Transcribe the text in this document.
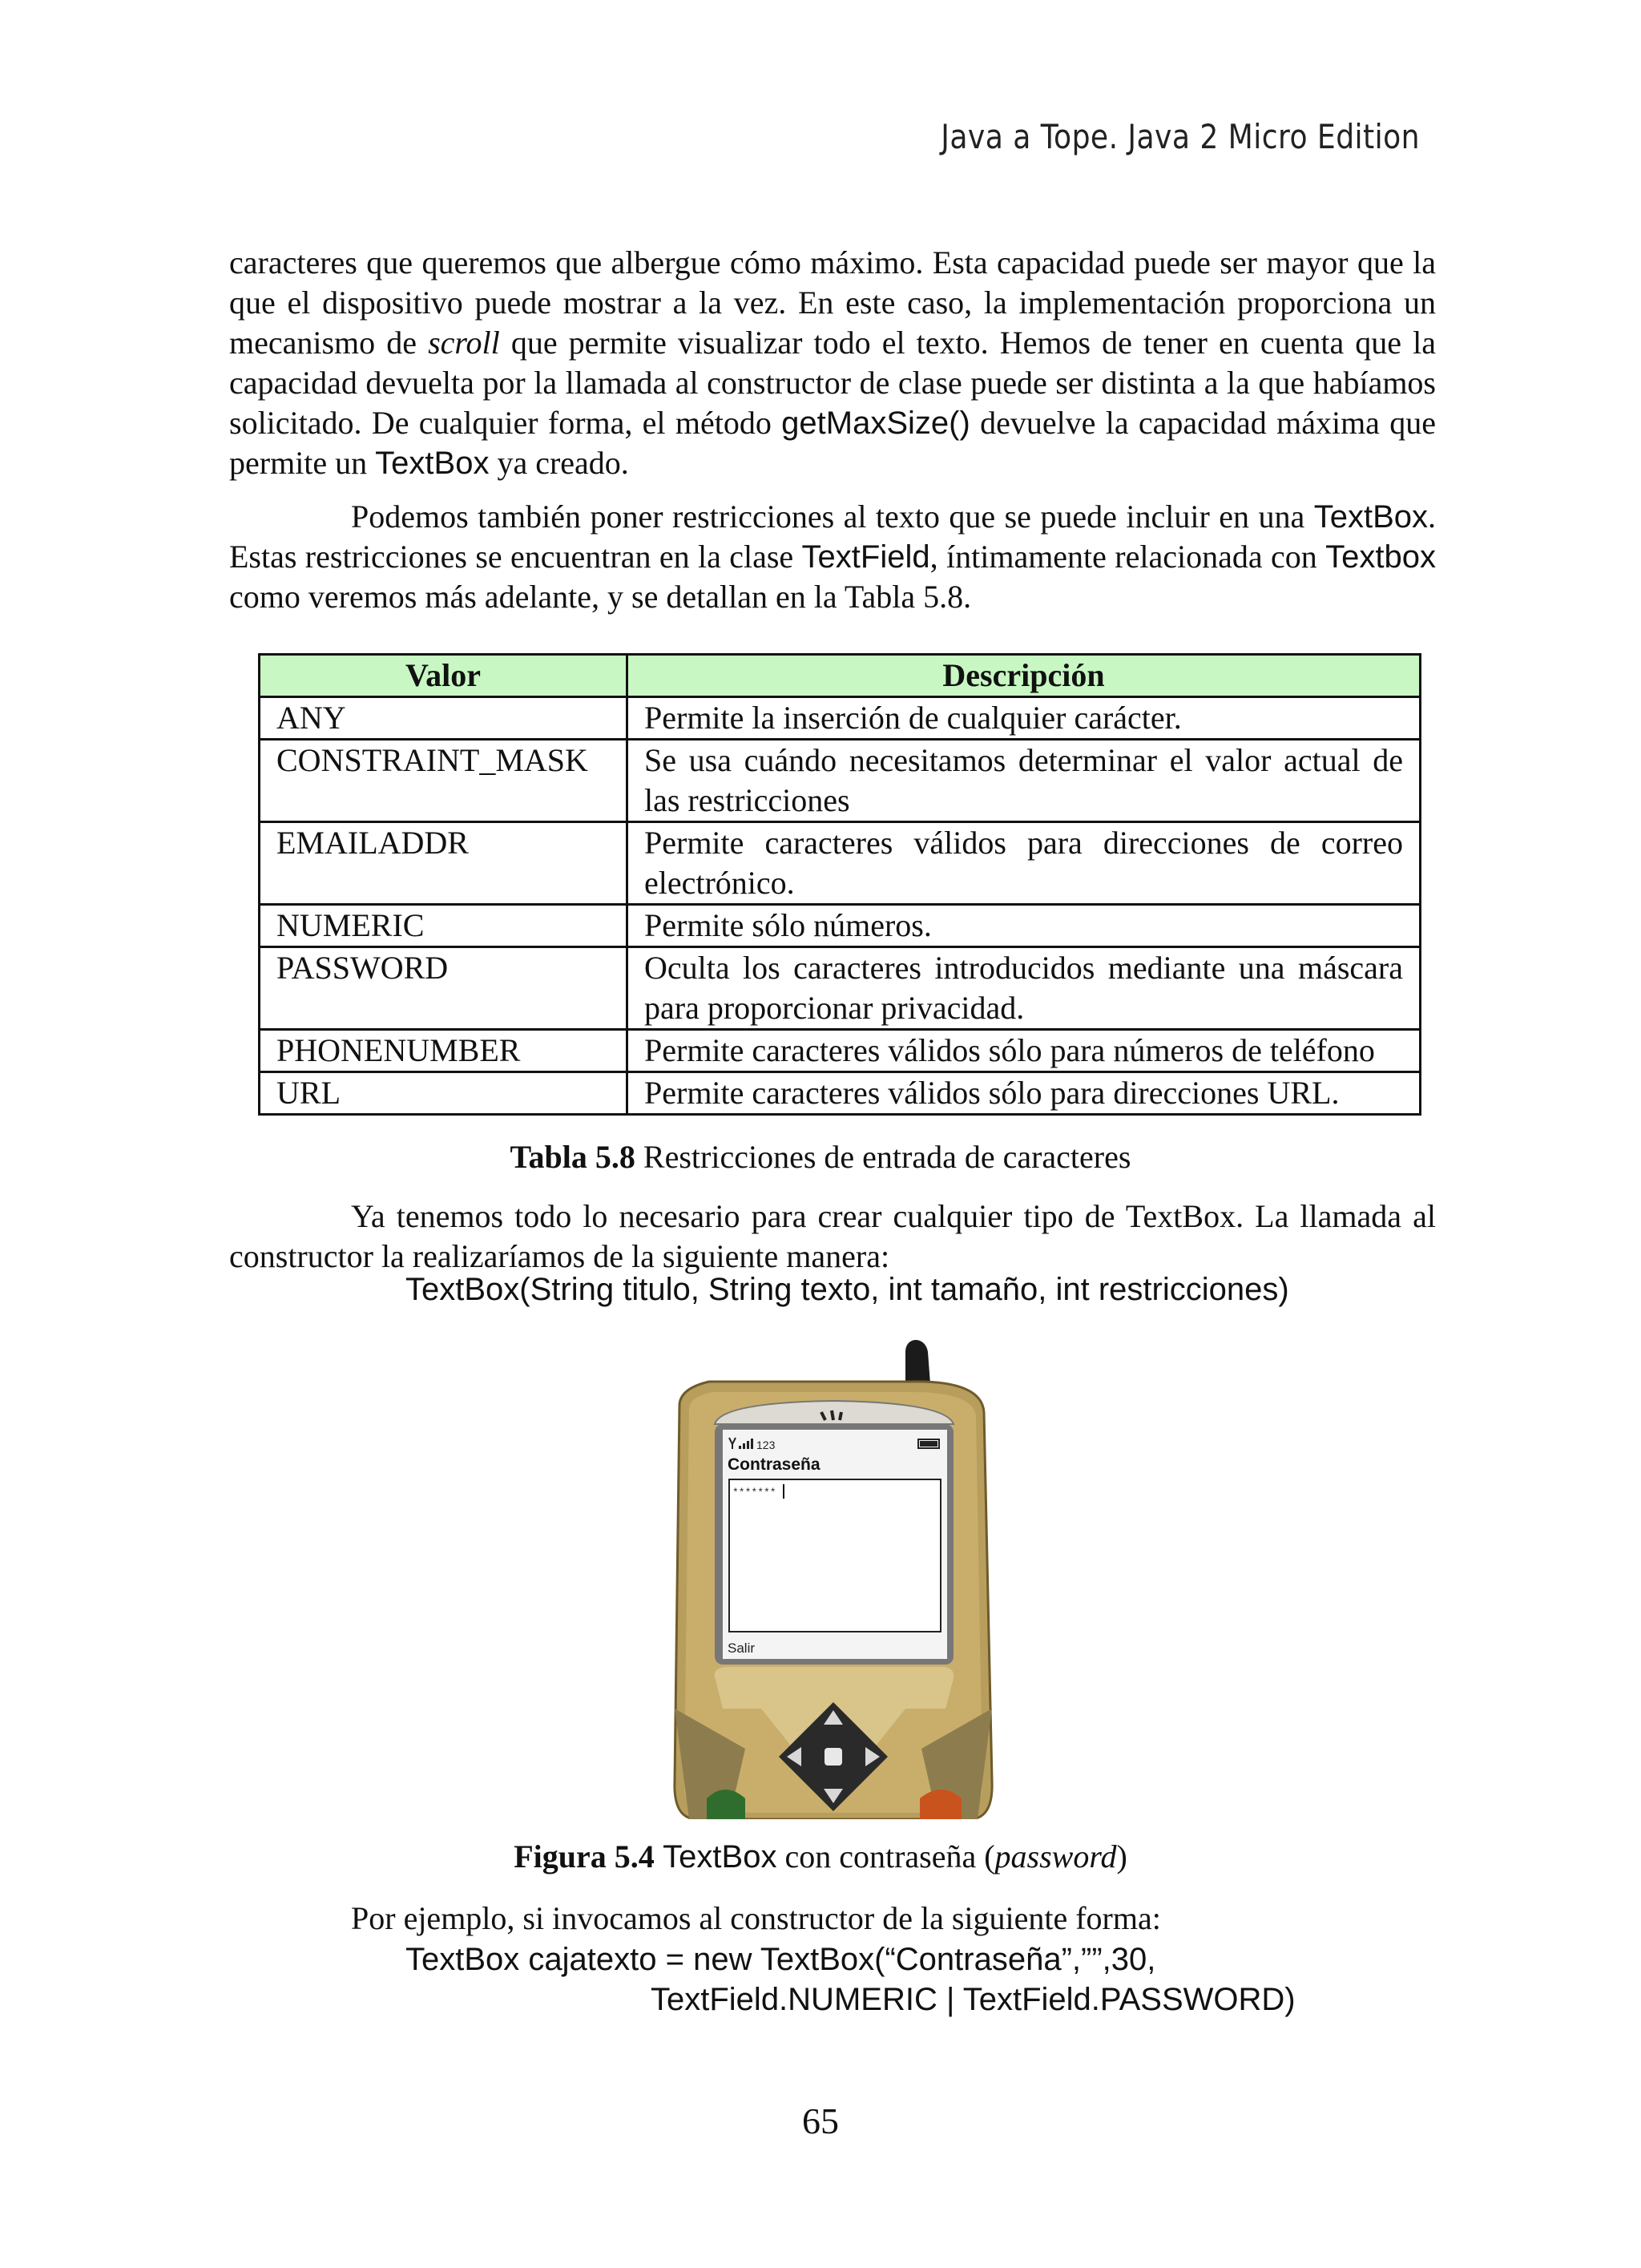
Java a Tope. Java 2 Micro Edition
caracteres que queremos que albergue cómo máximo. Esta capacidad puede ser mayor que la que el dispositivo puede mostrar a la vez. En este caso, la implementación proporciona un mecanismo de scroll que permite visualizar todo el texto. Hemos de tener en cuenta que la capacidad devuelta por la llamada al constructor de clase puede ser distinta a la que habíamos solicitado. De cualquier forma, el método getMaxSize() devuelve la capacidad máxima que permite un TextBox ya creado.
Podemos también poner restricciones al texto que se puede incluir en una TextBox. Estas restricciones se encuentran en la clase TextField, íntimamente relacionada con Textbox como veremos más adelante, y se detallan en la Tabla 5.8.
Valor	Descripción
ANY	Permite la inserción de cualquier carácter.
CONSTRAINT_MASK	Se usa cuándo necesitamos determinar el valor actual de las restricciones
EMAILADDR	Permite caracteres válidos para direcciones de correo electrónico.
NUMERIC	Permite sólo números.
PASSWORD	Oculta los caracteres introducidos mediante una máscara para proporcionar privacidad.
PHONENUMBER	Permite caracteres válidos sólo para números de teléfono
URL	Permite caracteres válidos sólo para direcciones URL.
Tabla 5.8 Restricciones de entrada de caracteres
Ya tenemos todo lo necesario para crear cualquier tipo de TextBox. La llamada al constructor la realizaríamos de la siguiente manera:
TextBox(String titulo, String texto, int tamaño, int restricciones)
123
Contraseña
*******
Salir
Figura 5.4 TextBox con contraseña (password)
Por ejemplo, si invocamos al constructor de la siguiente forma:
TextBox cajatexto = new TextBox(“Contraseña”,””,30,
TextField.NUMERIC | TextField.PASSWORD)
65
